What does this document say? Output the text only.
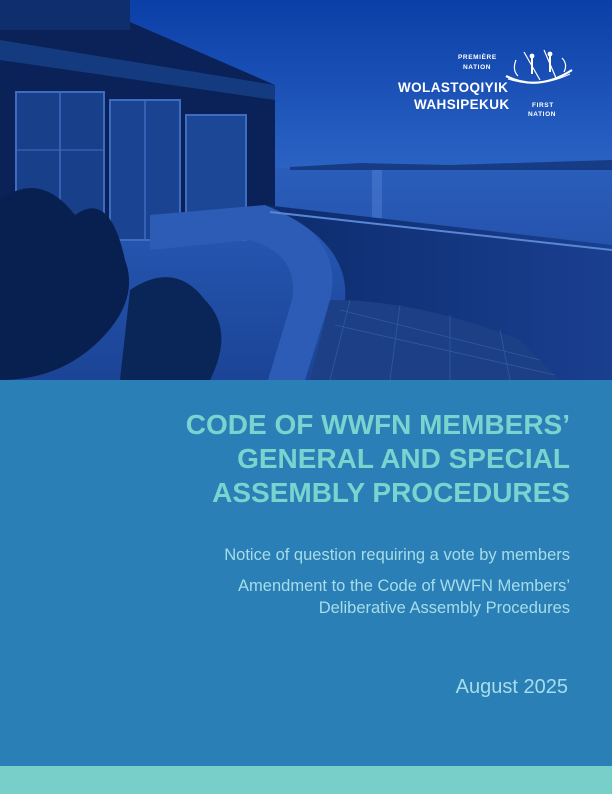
PREMIÈRE
NATION
WOLASTOQIYIK
WAHSIPEKUK	FIRST
NATION
CODE OF WWFN MEMBERS’
GENERAL AND SPECIAL
ASSEMBLY PROCEDURES
Notice of question requiring a vote by members
Amendment to the Code of WWFN Members’
Deliberative Assembly Procedures
August 2025
